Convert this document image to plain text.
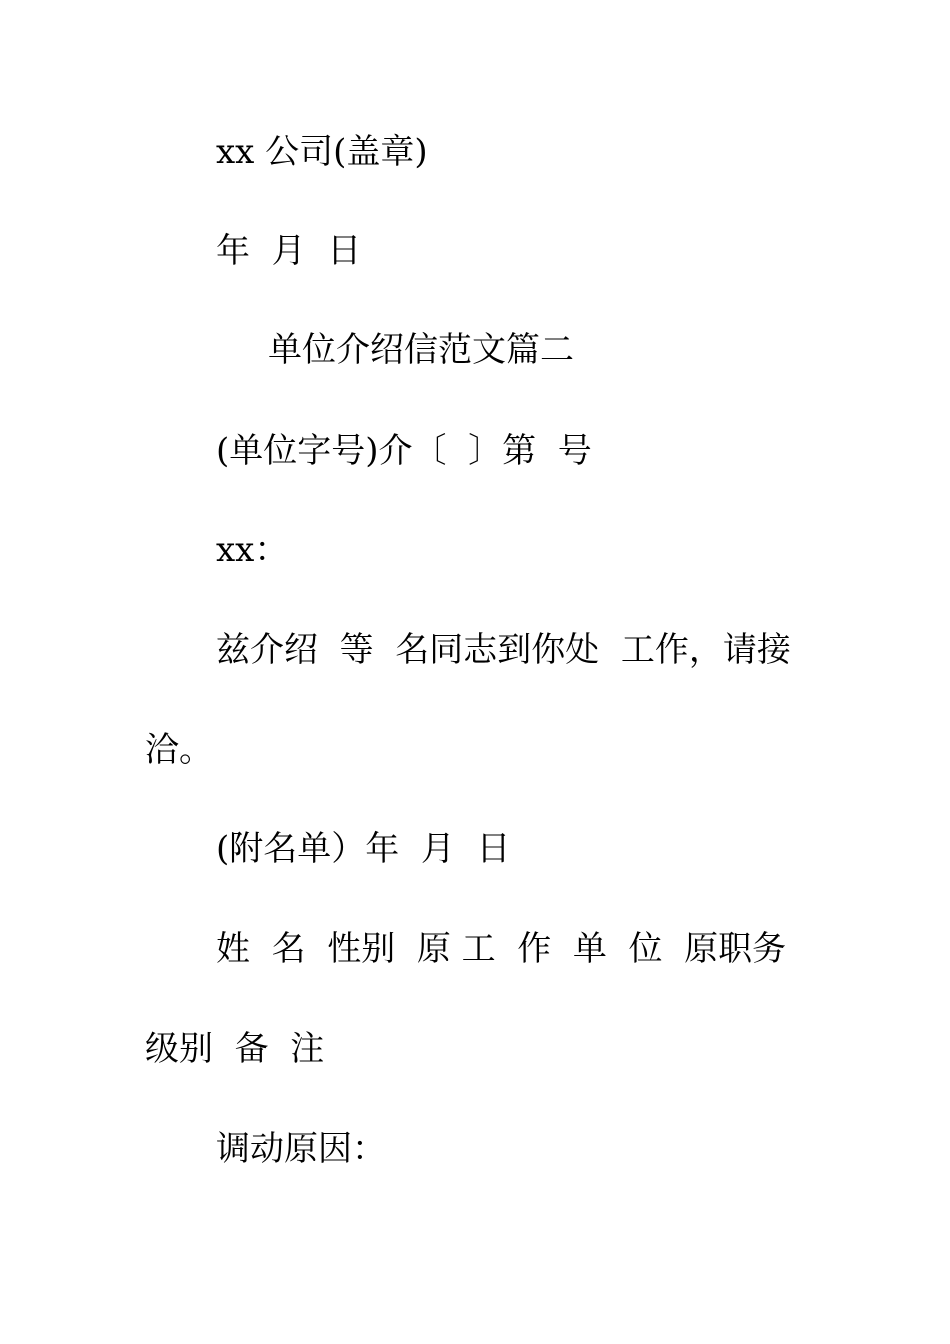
xx 公司(盖章)

年  月  日

单位介绍信范文篇二

(单位字号)介〔  〕第  号

xx：

兹介绍  等  名同志到你处  工作，请接

洽。

(附名单）年  月  日

姓  名  性别  原 工  作  单  位  原职务

级别  备  注

调动原因：
